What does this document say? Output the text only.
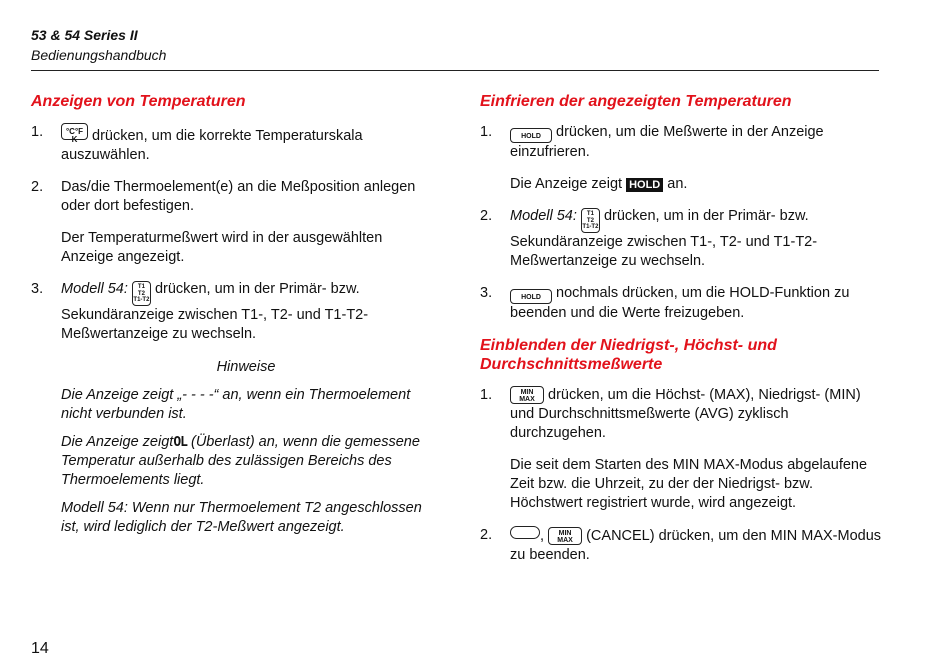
53 & 54 Series II
Bedienungshandbuch
Anzeigen von Temperaturen
1.	°C°F K drücken, um die korrekte Temperaturskala auszuwählen.
2. Das/die Thermoelement(e) an die Meßposition anlegen oder dort befestigen.
Der Temperaturmeßwert wird in der ausgewählten Anzeige angezeigt.
3. Modell 54: T1
T2
T1-T2 drücken, um in der Primär- bzw. Sekundäranzeige zwischen T1-, T2- und T1-T2-Meßwertanzeige zu wechseln.
Hinweise
Die Anzeige zeigt „- - - -“ an, wenn ein Thermoelement nicht verbunden ist.
Die Anzeige zeigtOL (Überlast) an, wenn die gemessene Temperatur außerhalb des zulässigen Bereichs des Thermoelements liegt.
Modell 54: Wenn nur Thermoelement T2 angeschlossen ist, wird lediglich der T2-Meßwert angezeigt.
Einfrieren der angezeigten Temperaturen
1.	HOLD drücken, um die Meßwerte in der Anzeige einzufrieren.
Die Anzeige zeigt HOLD an.
2. Modell 54: T1
T2
T1-T2 drücken, um in der Primär- bzw. Sekundäranzeige zwischen T1-, T2- und T1-T2-Meßwertanzeige zu wechseln.
3.	HOLD nochmals drücken, um die HOLD-Funktion zu beenden und die Werte freizugeben.
Einblenden der Niedrigst-, Höchst- und Durchschnittsmeßwerte
1.	MIN
MAX drücken, um die Höchst- (MAX), Niedrigst- (MIN) und Durchschnittsmeßwerte (AVG) zyklisch durchzugehen.
Die seit dem Starten des MIN MAX-Modus abgelaufene Zeit bzw. die Uhrzeit, zu der der Niedrigst- bzw. Höchstwert registriert wurde, wird angezeigt.
2.	, MIN
MAX (CANCEL) drücken, um den MIN MAX-Modus zu beenden.
14
